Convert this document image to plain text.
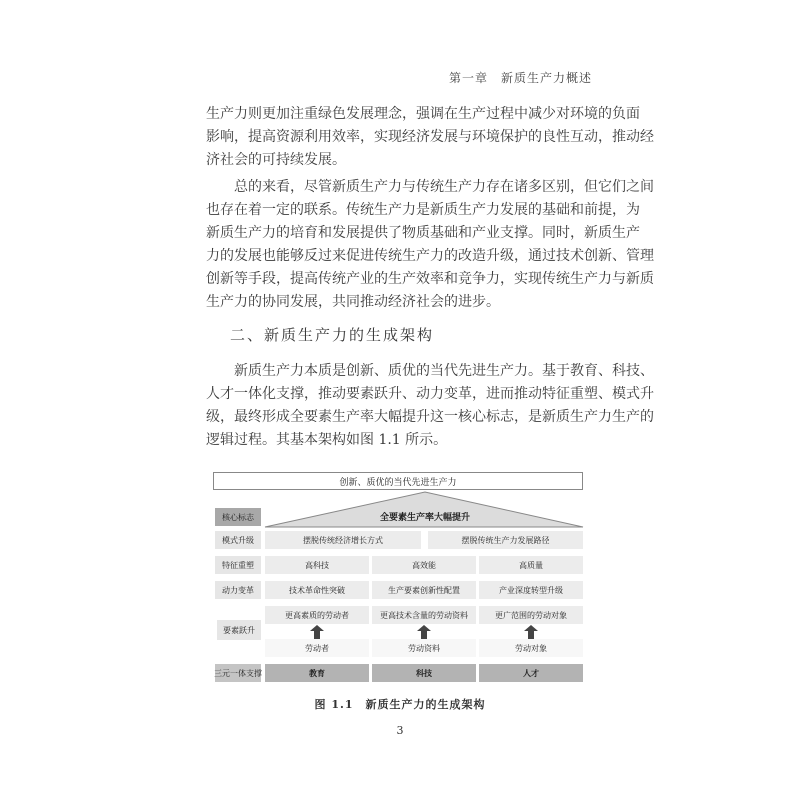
第一章　新质生产力概述
生产力则更加注重绿色发展理念，强调在生产过程中减少对环境的负面
影响，提高资源利用效率，实现经济发展与环境保护的良性互动，推动经
济社会的可持续发展。
　　总的来看，尽管新质生产力与传统生产力存在诸多区别，但它们之间
也存在着一定的联系。传统生产力是新质生产力发展的基础和前提，为
新质生产力的培育和发展提供了物质基础和产业支撑。同时，新质生产
力的发展也能够反过来促进传统生产力的改造升级，通过技术创新、管理
创新等手段，提高传统产业的生产效率和竞争力，实现传统生产力与新质
生产力的协同发展，共同推动经济社会的进步。
　　新质生产力本质是创新、质优的当代先进生产力。基于教育、科技、
人才一体化支撑，推动要素跃升、动力变革，进而推动特征重塑、模式升
级，最终形成全要素生产率大幅提升这一核心标志，是新质生产力生产的
逻辑过程。其基本架构如图 1.1 所示。
二、新质生产力的生成架构
创新、质优的当代先进生产力
核心标志	全要素生产率大幅提升
模式升级	摆脱传统经济增长方式	摆脱传统生产力发展路径
特征重塑	高科技	高效能	高质量
动力变革	技术革命性突破	生产要素创新性配置	产业深度转型升级
要素跃升
更高素质的劳动者	更高技术含量的劳动资料	更广范围的劳动对象
劳动者	劳动资料	劳动对象
三元一体支撑	教育	科技	人才
图 1.1　新质生产力的生成架构
3
